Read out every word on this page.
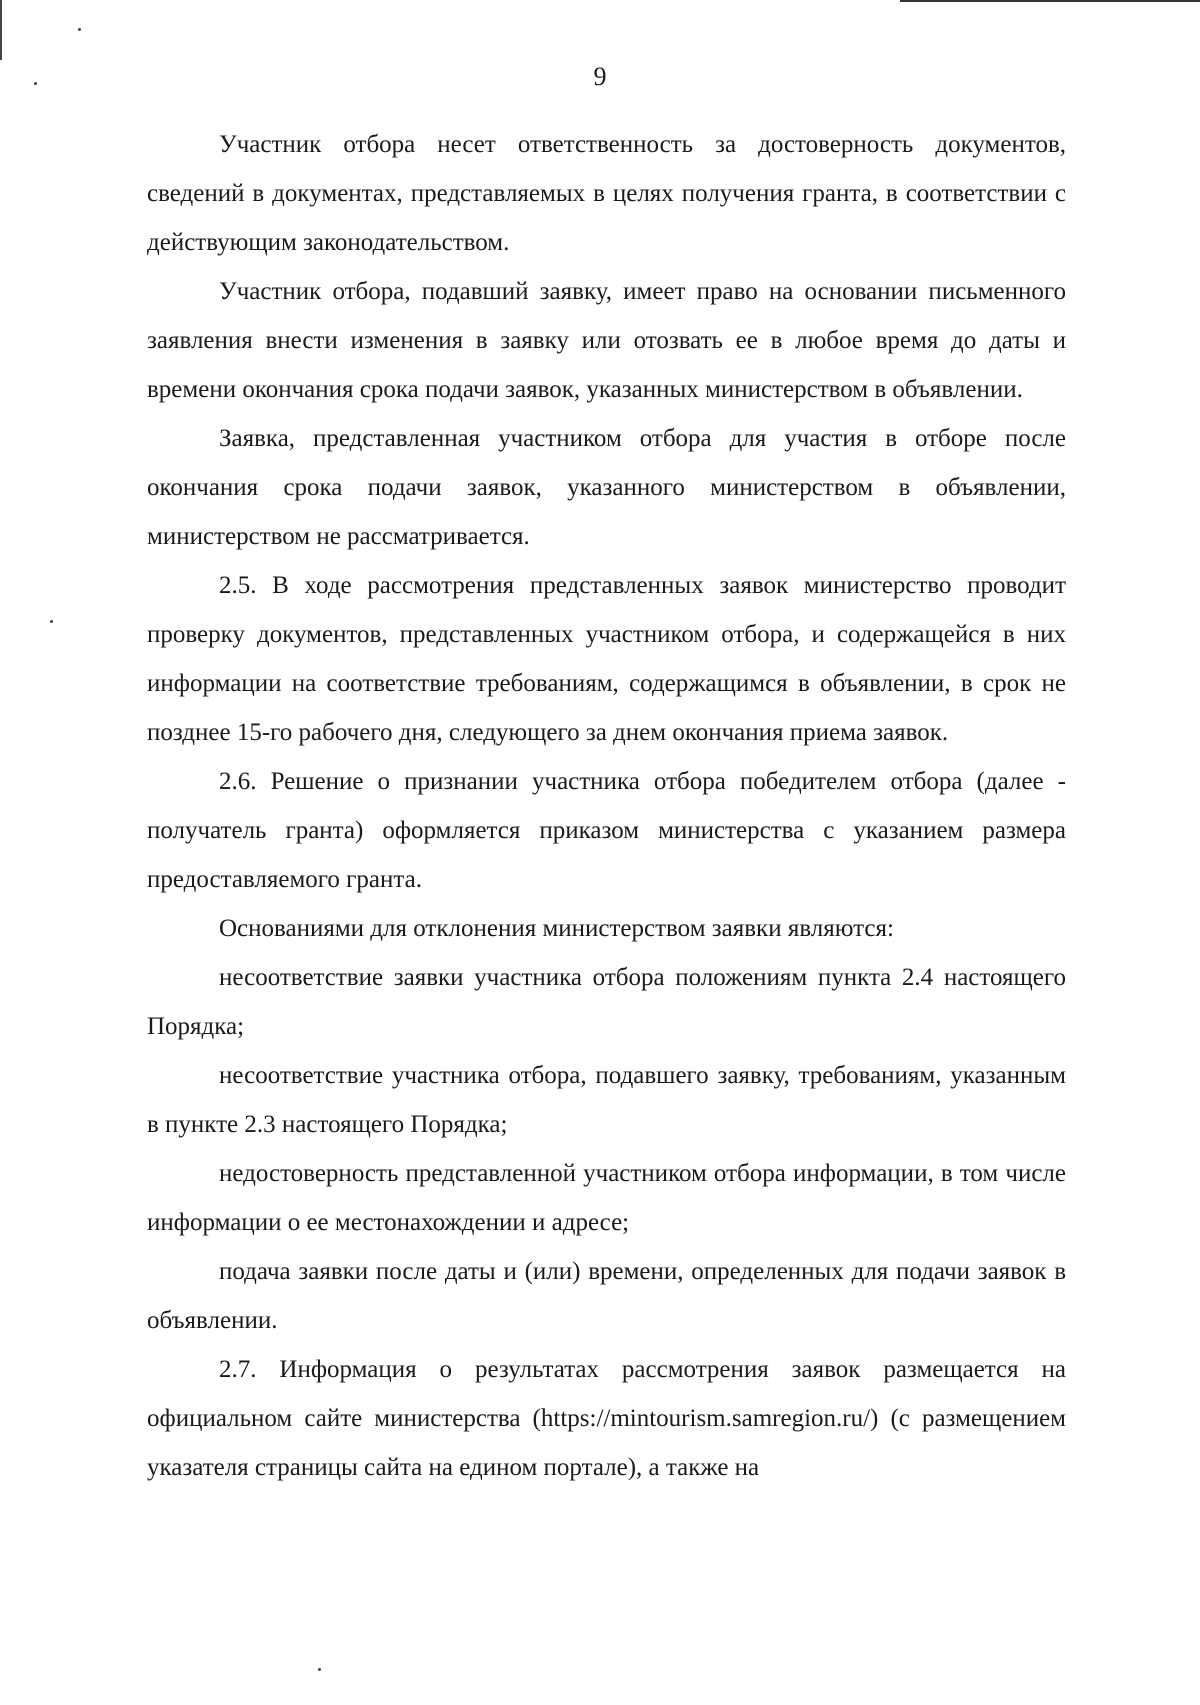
9

Участник отбора несет ответственность за достоверность документов, сведений в документах, представляемых в целях получения гранта, в соответствии с действующим законодательством.

Участник отбора, подавший заявку, имеет право на основании письменного заявления внести изменения в заявку или отозвать ее в любое время до даты и времени окончания срока подачи заявок, указанных министерством в объявлении.

Заявка, представленная участником отбора для участия в отборе после окончания срока подачи заявок, указанного министерством в объявлении, министерством не рассматривается.

2.5. В ходе рассмотрения представленных заявок министерство проводит проверку документов, представленных участником отбора, и содержащейся в них информации на соответствие требованиям, содержащимся в объявлении, в срок не позднее 15-го рабочего дня, следующего за днем окончания приема заявок.

2.6. Решение о признании участника отбора победителем отбора (далее - получатель гранта) оформляется приказом министерства с указанием размера предоставляемого гранта.

Основаниями для отклонения министерством заявки являются:

несоответствие заявки участника отбора положениям пункта 2.4 настоящего Порядка;

несоответствие участника отбора, подавшего заявку, требованиям, указанным в пункте 2.3 настоящего Порядка;

недостоверность представленной участником отбора информации, в том числе информации о ее местонахождении и адресе;

подача заявки после даты и (или) времени, определенных для подачи заявок в объявлении.

2.7. Информация о результатах рассмотрения заявок размещается на официальном сайте министерства (https://mintourism.samregion.ru/) (с размещением указателя страницы сайта на едином портале), а также на
